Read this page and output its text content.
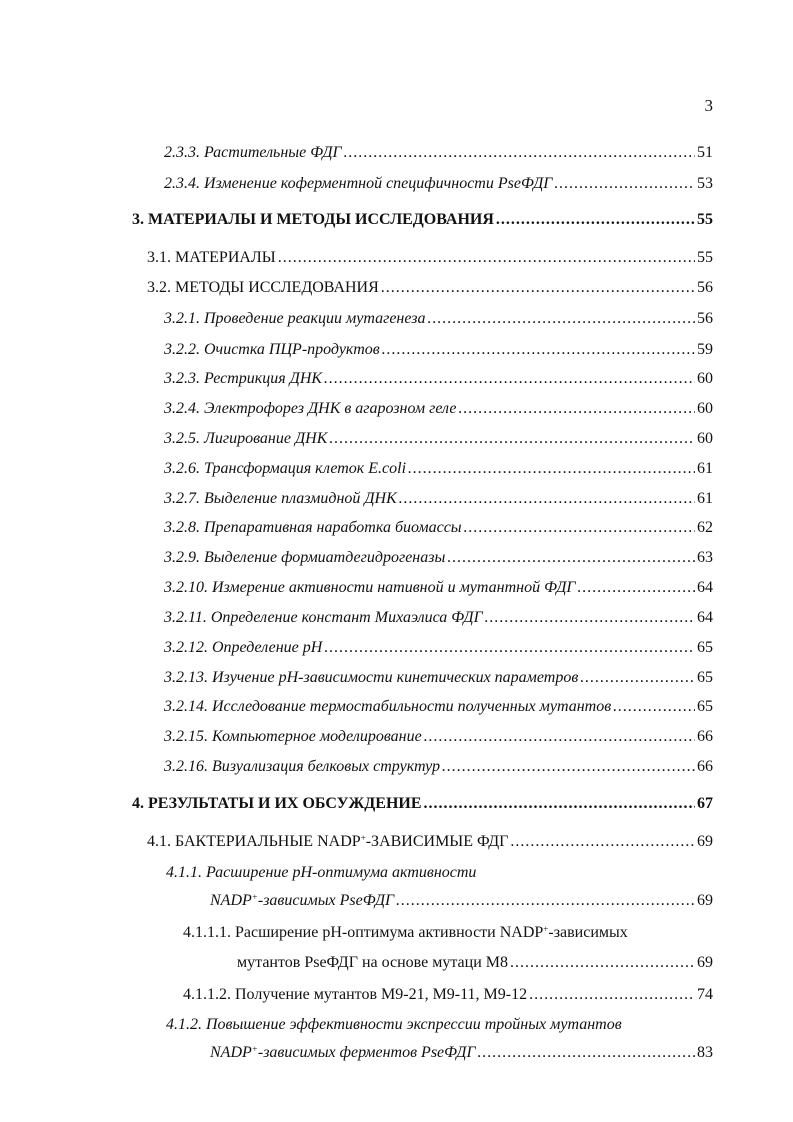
3
2.3.3. Растительные ФДГ .....	51
2.3.4. Изменение коферментной специфичности PseФДГ .....	53
3. МАТЕРИАЛЫ И МЕТОДЫ ИССЛЕДОВАНИЯ .....	55
3.1. МАТЕРИАЛЫ .....	55
3.2. МЕТОДЫ ИССЛЕДОВАНИЯ .....	56
3.2.1. Проведение реакции мутагенеза .....	56
3.2.2. Очистка ПЦР-продуктов .....	59
3.2.3. Рестрикция ДНК .....	60
3.2.4. Электрофорез ДНК в агарозном геле .....	60
3.2.5. Лигирование ДНК .....	60
3.2.6. Трансформация клеток E.coli .....	61
3.2.7. Выделение плазмидной ДНК .....	61
3.2.8. Препаративная наработка биомассы .....	62
3.2.9. Выделение формиатдегидрогеназы .....	63
3.2.10. Измерение активности нативной и мутантной ФДГ .....	64
3.2.11. Определение констант Михаэлиса ФДГ .....	64
3.2.12. Определение pH .....	65
3.2.13. Изучение pH-зависимости кинетических параметров .....	65
3.2.14. Исследование термостабильности полученных мутантов .....	65
3.2.15. Компьютерное моделирование .....	66
3.2.16. Визуализация белковых структур .....	66
4. РЕЗУЛЬТАТЫ И ИХ ОБСУЖДЕНИЕ .....	67
4.1. БАКТЕРИАЛЬНЫЕ NADP+-ЗАВИСИМЫЕ ФДГ .....	69
4.1.1. Расширение pH-оптимума активности
NADP+-зависимых PseФДГ .....	69
4.1.1.1. Расширение pH-оптимума активности NADP+-зависимых
мутантов PseФДГ на основе мутаци M8 .....	69
4.1.1.2. Получение мутантов M9-21, M9-11, M9-12 .....	74
4.1.2. Повышение эффективности экспрессии тройных мутантов
NADP+-зависимых ферментов PseФДГ .....	83
